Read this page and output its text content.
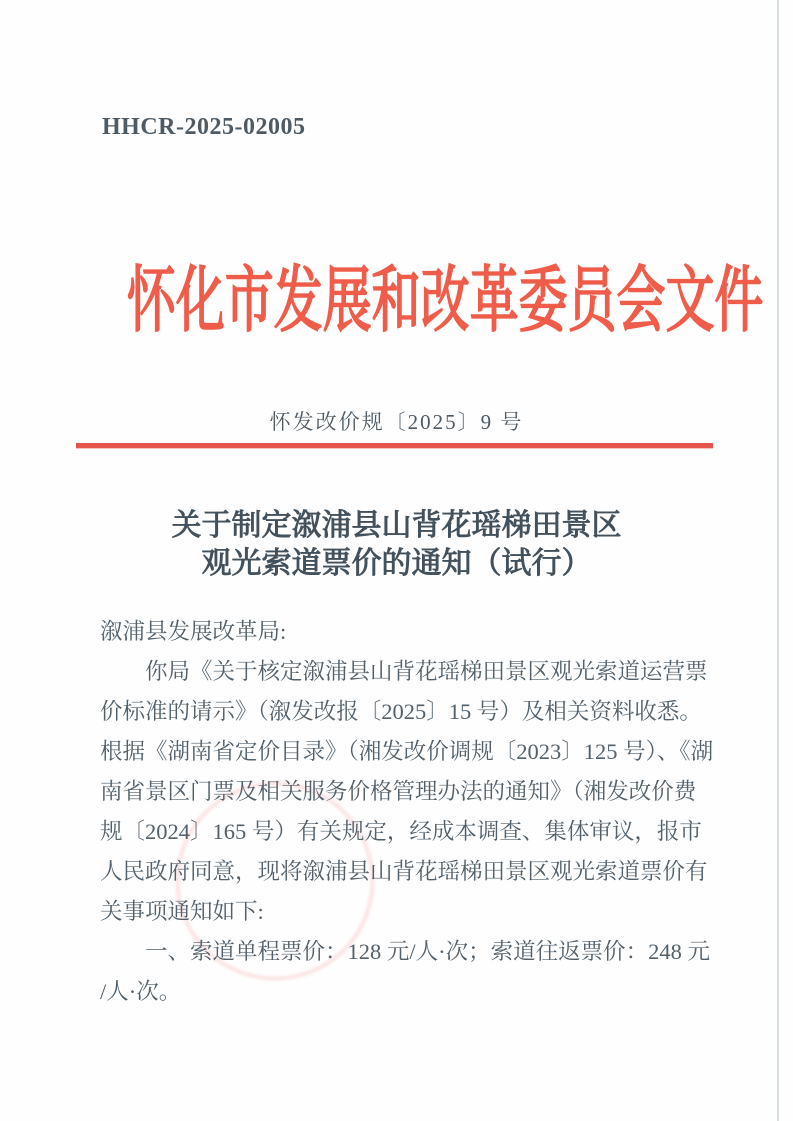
HHCR-2025-02005
怀化市发展和改革委员会文件
怀发改价规〔2025〕9 号
关于制定溆浦县山背花瑶梯田景区
观光索道票价的通知（试行）
溆浦县发展改革局:
你局《关于核定溆浦县山背花瑶梯田景区观光索道运营票
价标准的请示》（溆发改报〔2025〕15 号）及相关资料收悉。
根据《湖南省定价目录》（湘发改价调规〔2023〕125 号）、《湖
南省景区门票及相关服务价格管理办法的通知》（湘发改价费
规〔2024〕165 号）有关规定，经成本调查、集体审议，报市
人民政府同意，现将溆浦县山背花瑶梯田景区观光索道票价有
关事项通知如下:
一、索道单程票价：128 元/人·次；索道往返票价：248 元
/人·次。
